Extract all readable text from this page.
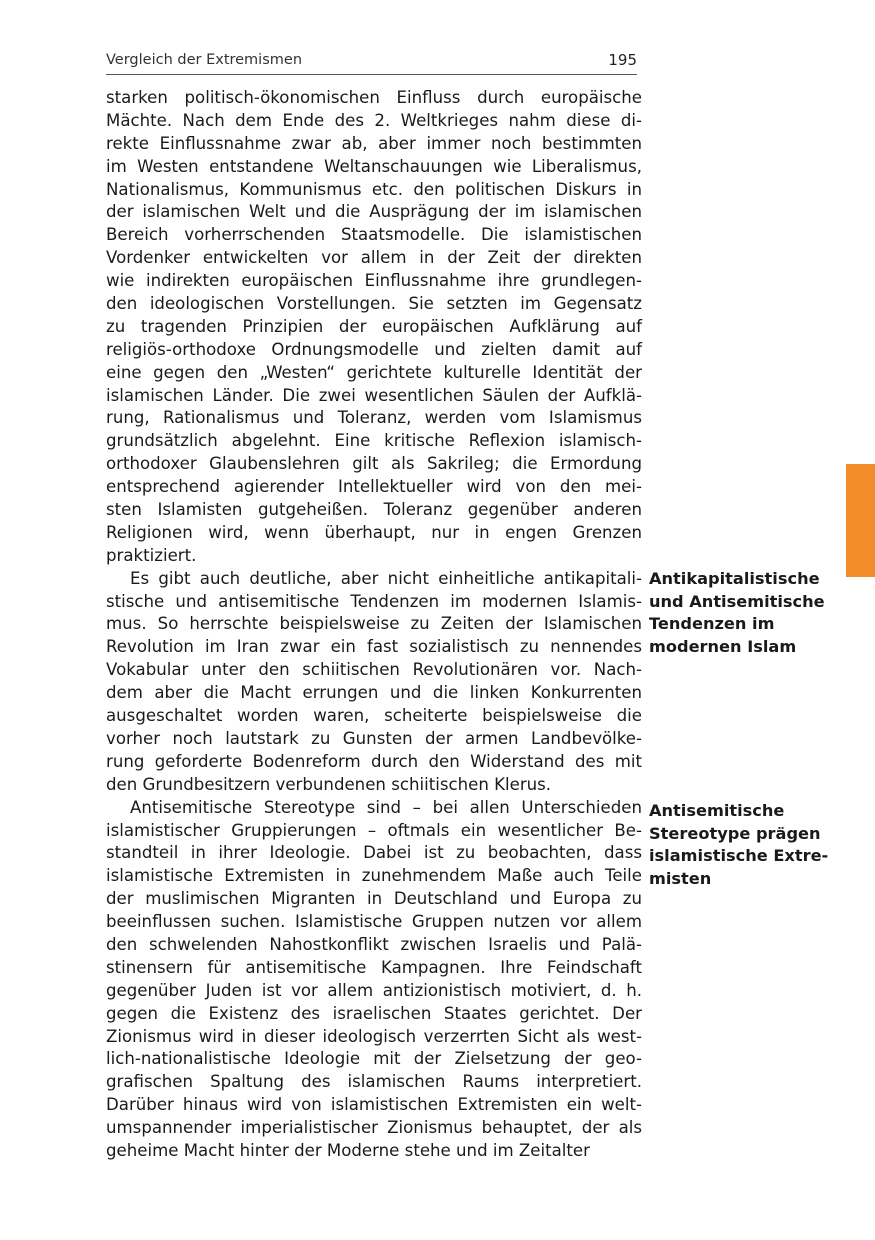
Vergleich der Extremismen	195
starken politisch-ökonomischen Einfluss durch europäische
Mächte. Nach dem Ende des 2. Weltkrieges nahm diese di-
rekte Einflussnahme zwar ab, aber immer noch bestimmten
im Westen entstandene Weltanschauungen wie Liberalismus,
Nationalismus, Kommunismus etc. den politischen Diskurs in
der islamischen Welt und die Ausprägung der im islamischen
Bereich vorherrschenden Staatsmodelle. Die islamistischen
Vordenker entwickelten vor allem in der Zeit der direkten
wie indirekten europäischen Einflussnahme ihre grundlegen-
den ideologischen Vorstellungen. Sie setzten im Gegensatz
zu tragenden Prinzipien der europäischen Aufklärung auf
religiös-orthodoxe Ordnungsmodelle und zielten damit auf
eine gegen den „Westen“ gerichtete kulturelle Identität der
islamischen Länder. Die zwei wesentlichen Säulen der Aufklä-
rung, Rationalismus und Toleranz, werden vom Islamismus
grundsätzlich abgelehnt. Eine kritische Reflexion islamisch-
orthodoxer Glaubenslehren gilt als Sakrileg; die Ermordung
entsprechend agierender Intellektueller wird von den mei-
sten Islamisten gutgeheißen. Toleranz gegenüber anderen
Religionen wird, wenn überhaupt, nur in engen Grenzen
praktiziert.
Es gibt auch deutliche, aber nicht einheitliche antikapitali-
stische und antisemitische Tendenzen im modernen Islamis-
mus. So herrschte beispielsweise zu Zeiten der Islamischen
Revolution im Iran zwar ein fast sozialistisch zu nennendes
Vokabular unter den schiitischen Revolutionären vor. Nach-
dem aber die Macht errungen und die linken Konkurrenten
ausgeschaltet worden waren, scheiterte beispielsweise die
vorher noch lautstark zu Gunsten der armen Landbevölke-
rung geforderte Bodenreform durch den Widerstand des mit
den Grundbesitzern verbundenen schiitischen Klerus.
Antisemitische Stereotype sind – bei allen Unterschieden
islamistischer Gruppierungen – oftmals ein wesentlicher Be-
standteil in ihrer Ideologie. Dabei ist zu beobachten, dass
islamistische Extremisten in zunehmendem Maße auch Teile
der muslimischen Migranten in Deutschland und Europa zu
beeinflussen suchen. Islamistische Gruppen nutzen vor allem
den schwelenden Nahostkonflikt zwischen Israelis und Palä-
stinensern für antisemitische Kampagnen. Ihre Feindschaft
gegenüber Juden ist vor allem antizionistisch motiviert, d. h.
gegen die Existenz des israelischen Staates gerichtet. Der
Zionismus wird in dieser ideologisch verzerrten Sicht als west-
lich-nationalistische Ideologie mit der Zielsetzung der geo-
grafischen Spaltung des islamischen Raums interpretiert.
Darüber hinaus wird von islamistischen Extremisten ein welt-
umspannender imperialistischer Zionismus behauptet, der als
geheime Macht hinter der Moderne stehe und im Zeitalter
Antikapitalistische
und Antisemitische
Tendenzen im
modernen Islam
Antisemitische
Stereotype prägen
islamistische Extre-
misten
